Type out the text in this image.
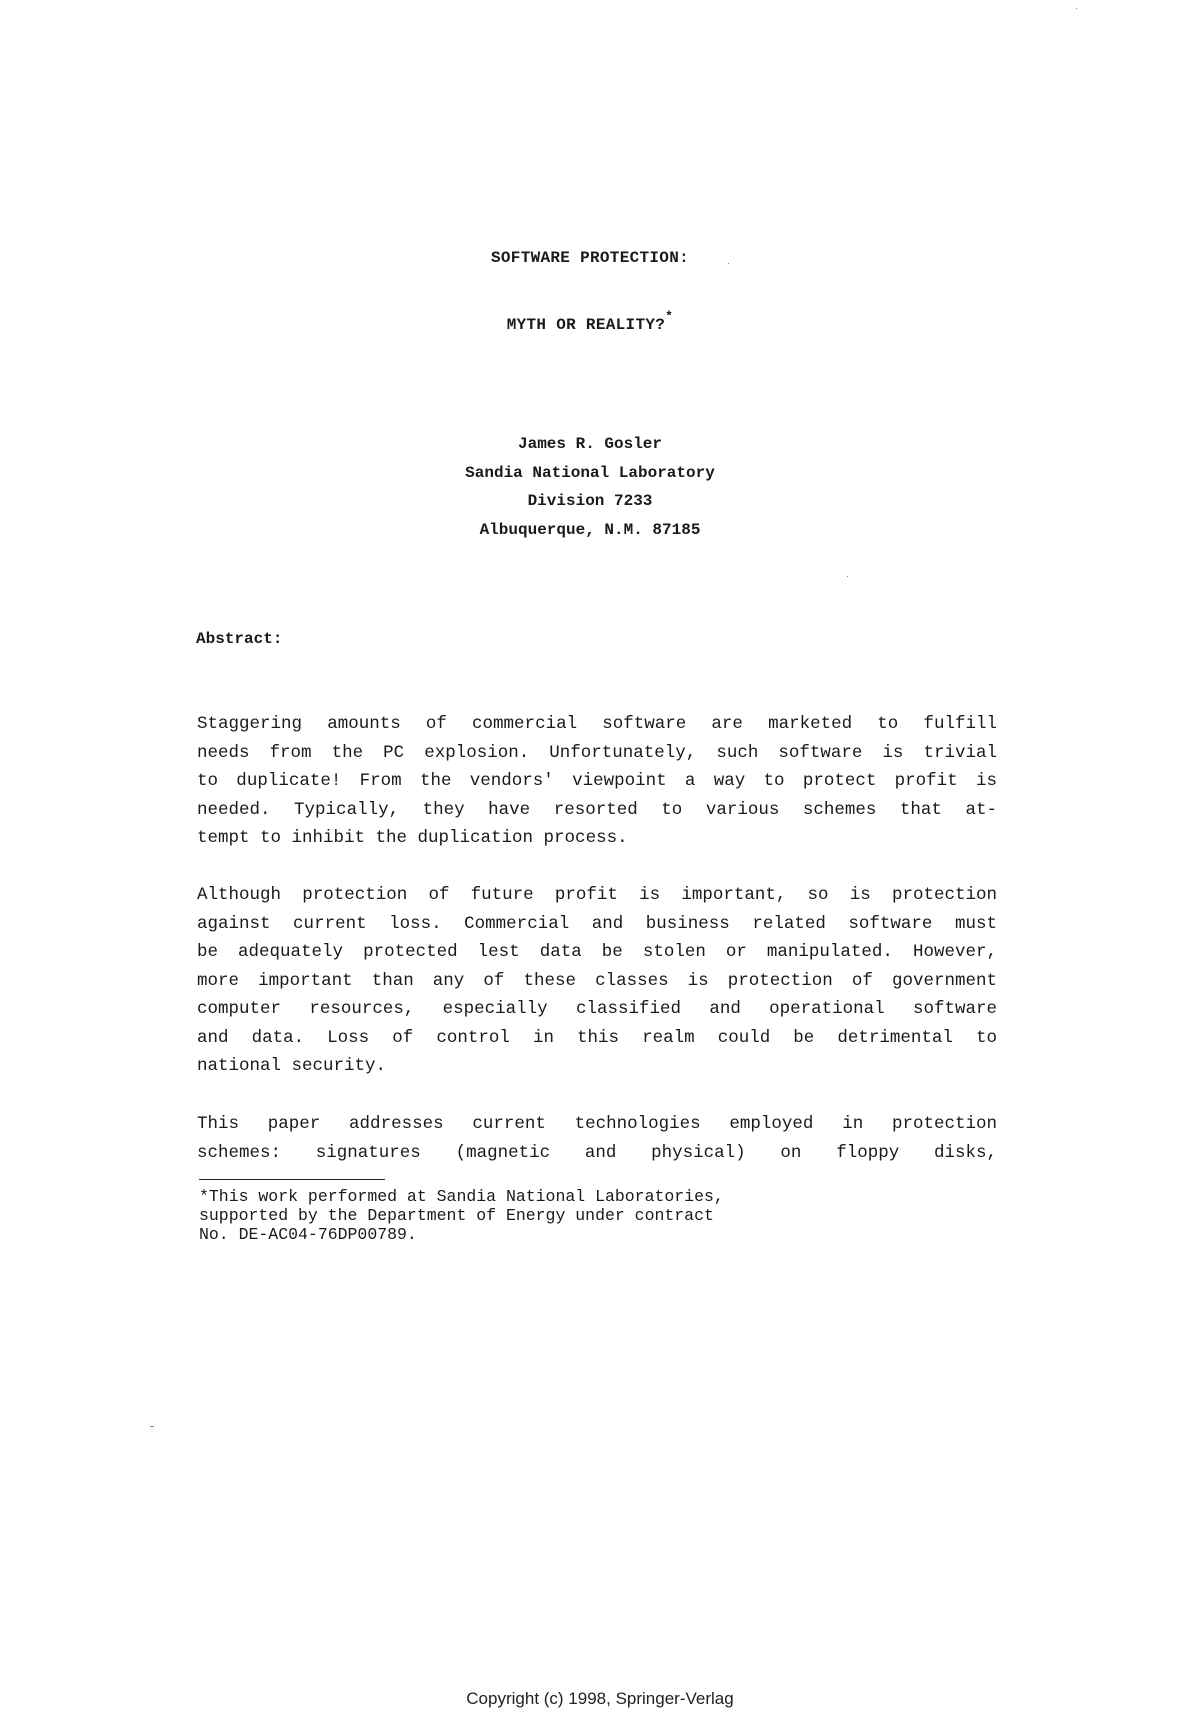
SOFTWARE PROTECTION:
MYTH OR REALITY?*
James R. Gosler
Sandia National Laboratory
Division 7233
Albuquerque, N.M. 87185
Abstract:
Staggering amounts of commercial software are marketed to fulfill
needs from the PC explosion. Unfortunately, such software is trivial
to duplicate! From the vendors' viewpoint a way to protect profit is
needed. Typically, they have resorted to various schemes that at-
tempt to inhibit the duplication process.
Although protection of future profit is important, so is protection
against current loss. Commercial and business related software must
be adequately protected lest data be stolen or manipulated. However,
more important than any of these classes is protection of government
computer resources, especially classified and operational software
and data. Loss of control in this realm could be detrimental to
national security.
This paper addresses current technologies employed in protection
schemes: signatures (magnetic and physical) on floppy disks,
*This work performed at Sandia National Laboratories,
supported by the Department of Energy under contract
No. DE-AC04-76DP00789.
Copyright (c) 1998, Springer-Verlag
